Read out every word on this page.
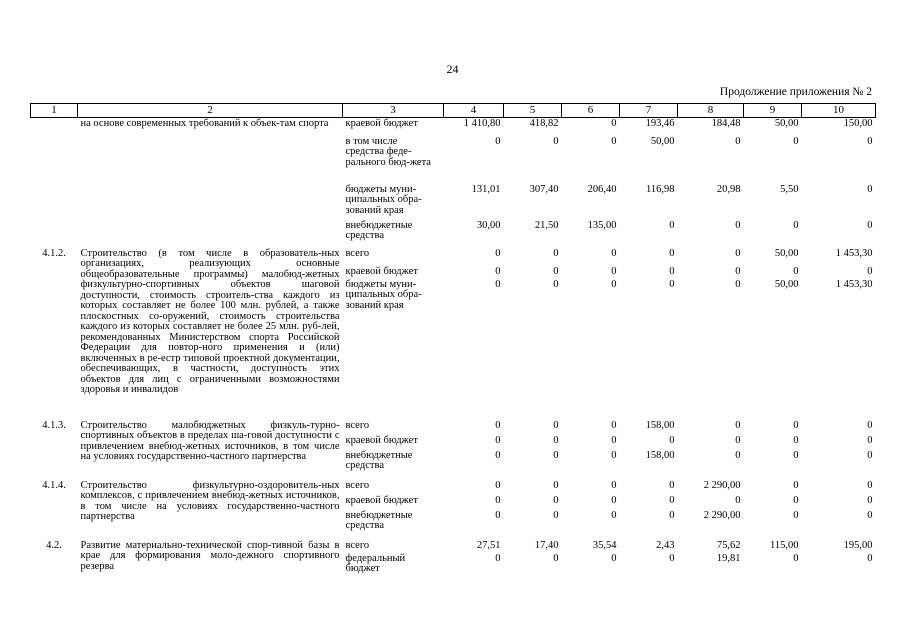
24
Продолжение приложения № 2
1	2	3	4	5	6	7	8	9	10
	на основе современных требований к объек-там спорта	краевой бюджет	1 410,80	418,82	0	193,46	184,48	50,00	150,00
		в том числе средства феде-рального бюд-жета	0	0	0	50,00	0	0	0
		бюджеты муни-ципальных обра-зований края	131,01	307,40	206,40	116,98	20,98	5,50	0
		внебюджетные средства	30,00	21,50	135,00	0	0	0	0
4.1.2.	Строительство (в том числе в образователь-ных организациях, реализующих основные общеобразовательные программы) малобюд-жетных физкультурно-спортивных объектов шаговой доступности, стоимость строитель-ства каждого из которых составляет не более 100 млн. рублей, а также плоскостных со-оружений, стоимость строительства каждого из которых составляет не более 25 млн. руб-лей, рекомендованных Министерством спорта Российской Федерации для повтор-ного применения и (или) включенных в ре-естр типовой проектной документации, обеспечивающих, в частности, доступность этих объектов для лиц с ограниченными возможностями здоровья и инвалидов	всего	0	0	0	0	0	50,00	1 453,30
		краевой бюджет	0	0	0	0	0	0	0
		бюджеты муни-ципальных обра-зований края	0	0	0	0	0	50,00	1 453,30
4.1.3.	Строительство малобюджетных физкуль-турно-спортивных объектов в пределах ша-говой доступности с привлечением внебюд-жетных источников, в том числе на условиях государственно-частного партнерства	всего	0	0	0	158,00	0	0	0
		краевой бюджет	0	0	0	0	0	0	0
		внебюджетные средства	0	0	0	158,00	0	0	0
4.1.4.	Строительство физкультурно-оздоровитель-ных комплексов, с привлечением внебюд-жетных источников, в том числе на условиях государственно-частного партнерства	всего	0	0	0	0	2 290,00	0	0
		краевой бюджет	0	0	0	0	0	0	0
		внебюджетные средства	0	0	0	0	2 290,00	0	0
4.2.	Развитие материально-технической спор-тивной базы в крае для формирования моло-дежного спортивного резерва	всего	27,51	17,40	35,54	2,43	75,62	115,00	195,00
		федеральный бюджет	0	0	0	0	19,81	0	0
